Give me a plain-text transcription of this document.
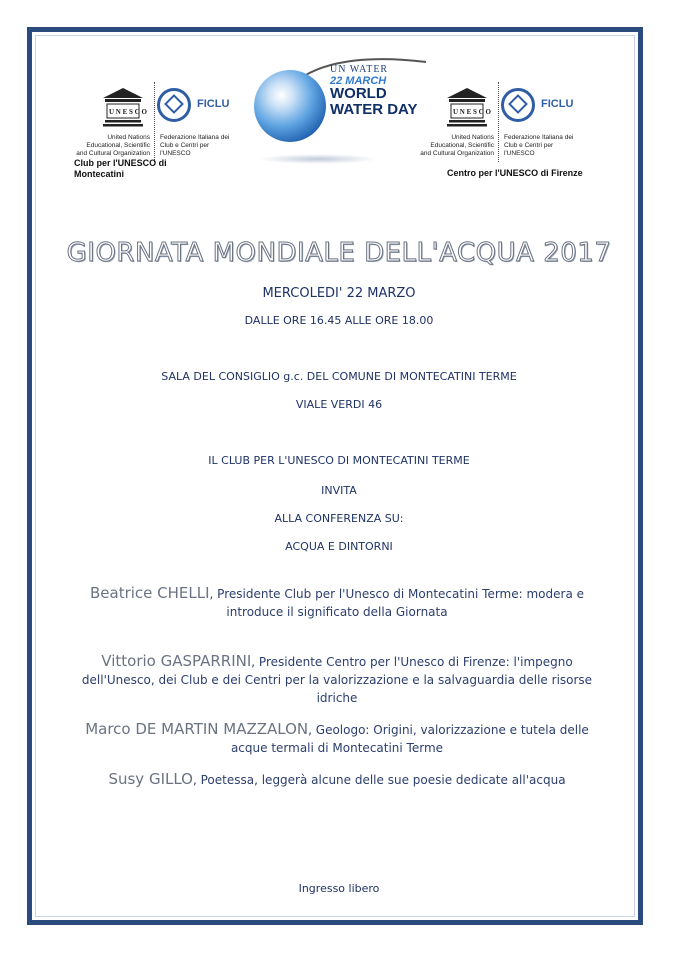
U N E S C O
FICLU
United Nations Educational, Scientific and Cultural Organization
Federazione Italiana dei Club e Centri per l'UNESCO
Club per l'UNESCO di Montecatini
UN WATER
22 MARCH
WORLD WATER DAY	U N E S C O
FICLU
United Nations Educational, Scientific and Cultural Organization
Federazione Italiana dei Club e Centri per l'UNESCO
Centro per l'UNESCO di Firenze
GIORNATA MONDIALE DELL'ACQUA 2017
MERCOLEDI' 22 MARZO
DALLE ORE 16.45 ALLE ORE 18.00
SALA DEL CONSIGLIO g.c. DEL COMUNE DI MONTECATINI TERME
VIALE VERDI 46
IL CLUB PER L'UNESCO DI MONTECATINI TERME
INVITA
ALLA CONFERENZA SU:
ACQUA E DINTORNI
Beatrice CHELLI, Presidente Club per l'Unesco di Montecatini Terme: modera e introduce il significato della Giornata
Vittorio GASPARRINI, Presidente Centro per l'Unesco di Firenze: l'impegno dell'Unesco, dei Club e dei Centri per la valorizzazione e la salvaguardia delle risorse idriche
Marco DE MARTIN MAZZALON, Geologo: Origini, valorizzazione e tutela delle acque termali di Montecatini Terme
Susy GILLO, Poetessa, leggerà alcune delle sue poesie dedicate all'acqua
Ingresso libero
